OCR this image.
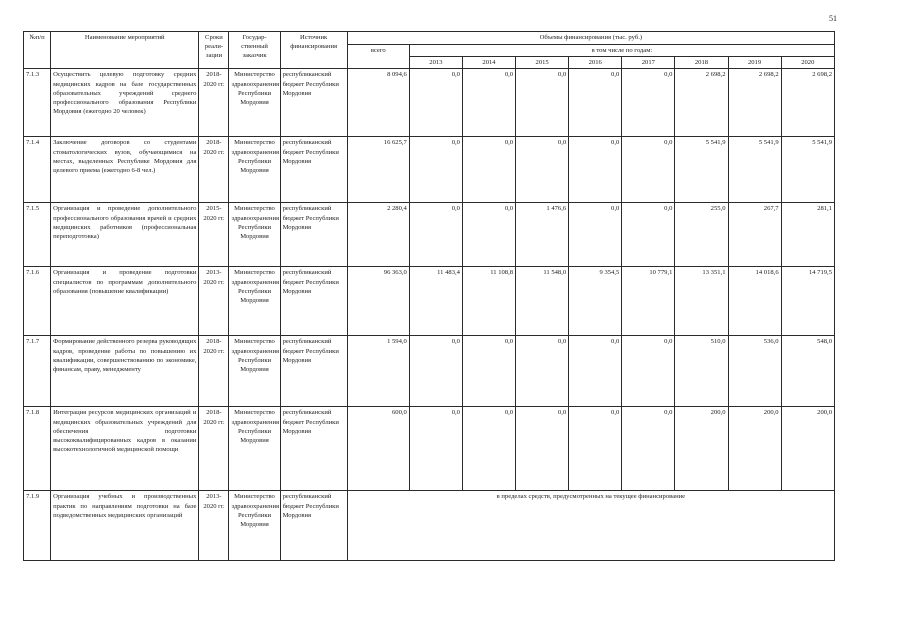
51
№п/п	Наименование мероприятий	Сроки реали-зации	Государ-ственный заказчик	Источник финансирования	Объемы финансирования (тыс. руб.)								
					всего	в том числе по годам:							
						2013	2014	2015	2016	2017	2018	2019	2020
7.1.3	Осуществить целевую подготовку средних медицинских кадров на базе государственных образовательных учреждений среднего профессионального образования Республики Мордовия (ежегодно 20 человек)	2018-2020 гг.	Министерство здравоохранения Республики Мордовия	республиканский бюджет Республики Мордовия	8 094,6	0,0	0,0	0,0	0,0	0,0	2 698,2	2 698,2	2 698,2
7.1.4	Заключение договоров со студентами стоматологических вузов, обучающимися на местах, выделенных Республике Мордовия для целевого приема (ежегодно 6-8 чел.)	2018-2020 гг.	Министерство здравоохранения Республики Мордовия	республиканский бюджет Республики Мордовия	16 625,7	0,0	0,0	0,0	0,0	0,0	5 541,9	5 541,9	5 541,9
7.1.5	Организация и проведение дополнительного профессионального образования врачей и средних медицинских работников (профессиональная переподготовка)	2015-2020 гг.	Министерство здравоохранения Республики Мордовия	республиканский бюджет Республики Мордовия	2 280,4	0,0	0,0	1 476,6	0,0	0,0	255,0	267,7	281,1
7.1.6	Организация и проведение подготовки специалистов по программам дополнительного образования (повышение квалификации)	2013-2020 гг.	Министерство здравоохранения Республики Мордовия	республиканский бюджет Республики Мордовия	96 363,0	11 483,4	11 108,8	11 548,0	9 354,5	10 779,1	13 351,1	14 018,6	14 719,5
7.1.7	Формирование действенного резерва руководящих кадров, проведение работы по повышению их квалификации, совершенствованию по экономике, финансам, праву, менеджменту	2018-2020 гг.	Министерство здравоохранения Республики Мордовия	республиканский бюджет Республики Мордовия	1 594,0	0,0	0,0	0,0	0,0	0,0	510,0	536,0	548,0
7.1.8	Интеграция ресурсов медицинских организаций и медицинских образовательных учреждений для обеспечения подготовки высококвалифицированных кадров в оказании высокотехнологичной медицинской помощи	2018-2020 гг.	Министерство здравоохранения Республики Мордовия	республиканский бюджет Республики Мордовия	600,0	0,0	0,0	0,0	0,0	0,0	200,0	200,0	200,0
7.1.9	Организация учебных и производственных практик по направлениям подготовки на базе подведомственных медицинских организаций	2013-2020 гг.	Министерство здравоохранения Республики Мордовия	республиканский бюджет Республики Мордовия	в пределах средств, предусмотренных на текущее финансирование								
